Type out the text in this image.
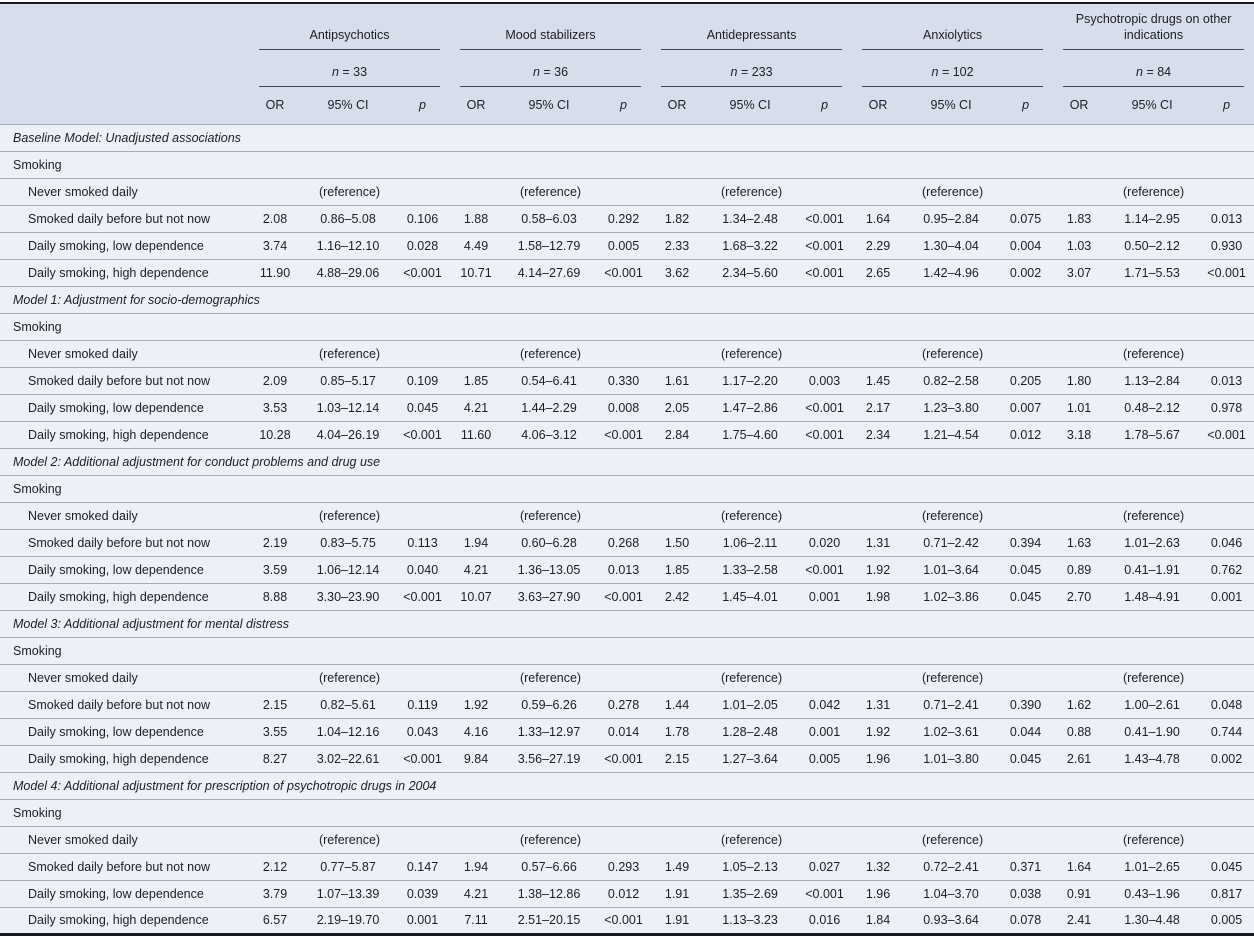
	Antipsychotics			Mood stabilizers			Antidepressants			Anxiolytics			Psychotropic drugs on other indications		

	n = 33			n = 36			n = 233			n = 102			n = 84		

	OR	95% CI	p	OR	95% CI	p	OR	95% CI	p	OR	95% CI	p	OR	95% CI	p
Baseline Model: Unadjusted associations															
Smoking															
Never smoked daily	(reference)			(reference)			(reference)			(reference)			(reference)		
Smoked daily before but not now	2.08	0.86–5.08	0.106	1.88	0.58–6.03	0.292	1.82	1.34–2.48	<0.001	1.64	0.95–2.84	0.075	1.83	1.14–2.95	0.013
Daily smoking, low dependence	3.74	1.16–12.10	0.028	4.49	1.58–12.79	0.005	2.33	1.68–3.22	<0.001	2.29	1.30–4.04	0.004	1.03	0.50–2.12	0.930
Daily smoking, high dependence	11.90	4.88–29.06	<0.001	10.71	4.14–27.69	<0.001	3.62	2.34–5.60	<0.001	2.65	1.42–4.96	0.002	3.07	1.71–5.53	<0.001
Model 1: Adjustment for socio-demographics															
Smoking															
Never smoked daily	(reference)			(reference)			(reference)			(reference)			(reference)		
Smoked daily before but not now	2.09	0.85–5.17	0.109	1.85	0.54–6.41	0.330	1.61	1.17–2.20	0.003	1.45	0.82–2.58	0.205	1.80	1.13–2.84	0.013
Daily smoking, low dependence	3.53	1.03–12.14	0.045	4.21	1.44–2.29	0.008	2.05	1.47–2.86	<0.001	2.17	1.23–3.80	0.007	1.01	0.48–2.12	0.978
Daily smoking, high dependence	10.28	4.04–26.19	<0.001	11.60	4.06–3.12	<0.001	2.84	1.75–4.60	<0.001	2.34	1.21–4.54	0.012	3.18	1.78–5.67	<0.001
Model 2: Additional adjustment for conduct problems and drug use															
Smoking															
Never smoked daily	(reference)			(reference)			(reference)			(reference)			(reference)		
Smoked daily before but not now	2.19	0.83–5.75	0.113	1.94	0.60–6.28	0.268	1.50	1.06–2.11	0.020	1.31	0.71–2.42	0.394	1.63	1.01–2.63	0.046
Daily smoking, low dependence	3.59	1.06–12.14	0.040	4.21	1.36–13.05	0.013	1.85	1.33–2.58	<0.001	1.92	1.01–3.64	0.045	0.89	0.41–1.91	0.762
Daily smoking, high dependence	8.88	3.30–23.90	<0.001	10.07	3.63–27.90	<0.001	2.42	1.45–4.01	0.001	1.98	1.02–3.86	0.045	2.70	1.48–4.91	0.001
Model 3: Additional adjustment for mental distress															
Smoking															
Never smoked daily	(reference)			(reference)			(reference)			(reference)			(reference)		
Smoked daily before but not now	2.15	0.82–5.61	0.119	1.92	0.59–6.26	0.278	1.44	1.01–2.05	0.042	1.31	0.71–2.41	0.390	1.62	1.00–2.61	0.048
Daily smoking, low dependence	3.55	1.04–12.16	0.043	4.16	1.33–12.97	0.014	1.78	1.28–2.48	0.001	1.92	1.02–3.61	0.044	0.88	0.41–1.90	0.744
Daily smoking, high dependence	8.27	3.02–22.61	<0.001	9.84	3.56–27.19	<0.001	2.15	1.27–3.64	0.005	1.96	1.01–3.80	0.045	2.61	1.43–4.78	0.002
Model 4: Additional adjustment for prescription of psychotropic drugs in 2004															
Smoking															
Never smoked daily	(reference)			(reference)			(reference)			(reference)			(reference)		
Smoked daily before but not now	2.12	0.77–5.87	0.147	1.94	0.57–6.66	0.293	1.49	1.05–2.13	0.027	1.32	0.72–2.41	0.371	1.64	1.01–2.65	0.045
Daily smoking, low dependence	3.79	1.07–13.39	0.039	4.21	1.38–12.86	0.012	1.91	1.35–2.69	<0.001	1.96	1.04–3.70	0.038	0.91	0.43–1.96	0.817
Daily smoking, high dependence	6.57	2.19–19.70	0.001	7.11	2.51–20.15	<0.001	1.91	1.13–3.23	0.016	1.84	0.93–3.64	0.078	2.41	1.30–4.48	0.005
